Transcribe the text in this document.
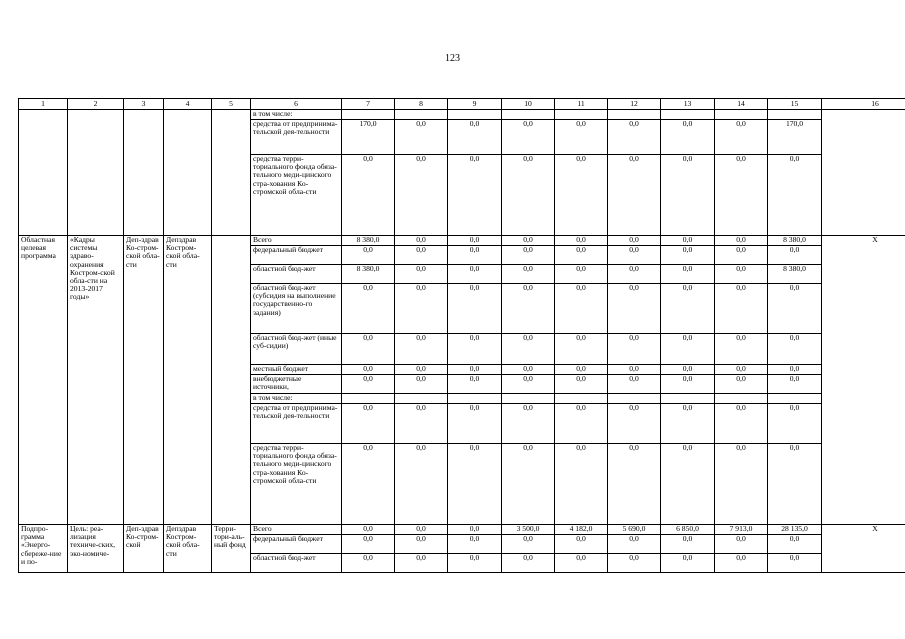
123
1	2	3	4	5	6	7	8	9	10	11	12	13	14	15	16
					в том числе:										
					средства от предпринима-тельской дея-тельности	170,0	0,0	0,0	0,0	0,0	0,0	0,0	0,0	170,0	
					средства терри-ториального фонда обяза-тельного меди-цинского стра-хования Ко-стромской обла-сти	0,0	0,0	0,0	0,0	0,0	0,0	0,0	0,0	0,0	
Областная целевая программа	«Кадры системы здраво-охранения Костром-ской обла-сти на 2013-2017 годы»	Деп-здрав Ко-стром-ской обла-сти	Депздрав Костром-ской обла-сти		Всего	8 380,0	0,0	0,0	0,0	0,0	0,0	0,0	0,0	8 380,0	X
					федеральный бюджет	0,0	0,0	0,0	0,0	0,0	0,0	0,0	0,0	0,0	
					областной бюд-жет	8 380,0	0,0	0,0	0,0	0,0	0,0	0,0	0,0	8 380,0	
					областной бюд-жет (субсидия на выполнение государственно-го задания)	0,0	0,0	0,0	0,0	0,0	0,0	0,0	0,0	0,0	
					областной бюд-жет (иные суб-сидии)	0,0	0,0	0,0	0,0	0,0	0,0	0,0	0,0	0,0	
					местный бюджет	0,0	0,0	0,0	0,0	0,0	0,0	0,0	0,0	0,0	
					внебюджетные источники,	0,0	0,0	0,0	0,0	0,0	0,0	0,0	0,0	0,0	
					в том числе:										
					средства от предпринима-тельской дея-тельности	0,0	0,0	0,0	0,0	0,0	0,0	0,0	0,0	0,0	
					средства терри-ториального фонда обяза-тельного меди-цинского стра-хования Ко-стромской обла-сти	0,0	0,0	0,0	0,0	0,0	0,0	0,0	0,0	0,0	
Подпро-грамма «Энерго-сбереже-ние и по-	Цель: реа-лизация техниче-ских, эко-номиче-	Деп-здрав Ко-стром-ской	Депздрав Костром-ской обла-сти	Терри-тори-аль-ный фонд	Всего	0,0	0,0	0,0	3 500,0	4 182,0	5 690,0	6 850,0	7 913,0	28 135,0	X
					федеральный бюджет	0,0	0,0	0,0	0,0	0,0	0,0	0,0	0,0	0,0	
					областной бюд-жет	0,0	0,0	0,0	0,0	0,0	0,0	0,0	0,0	0,0	
